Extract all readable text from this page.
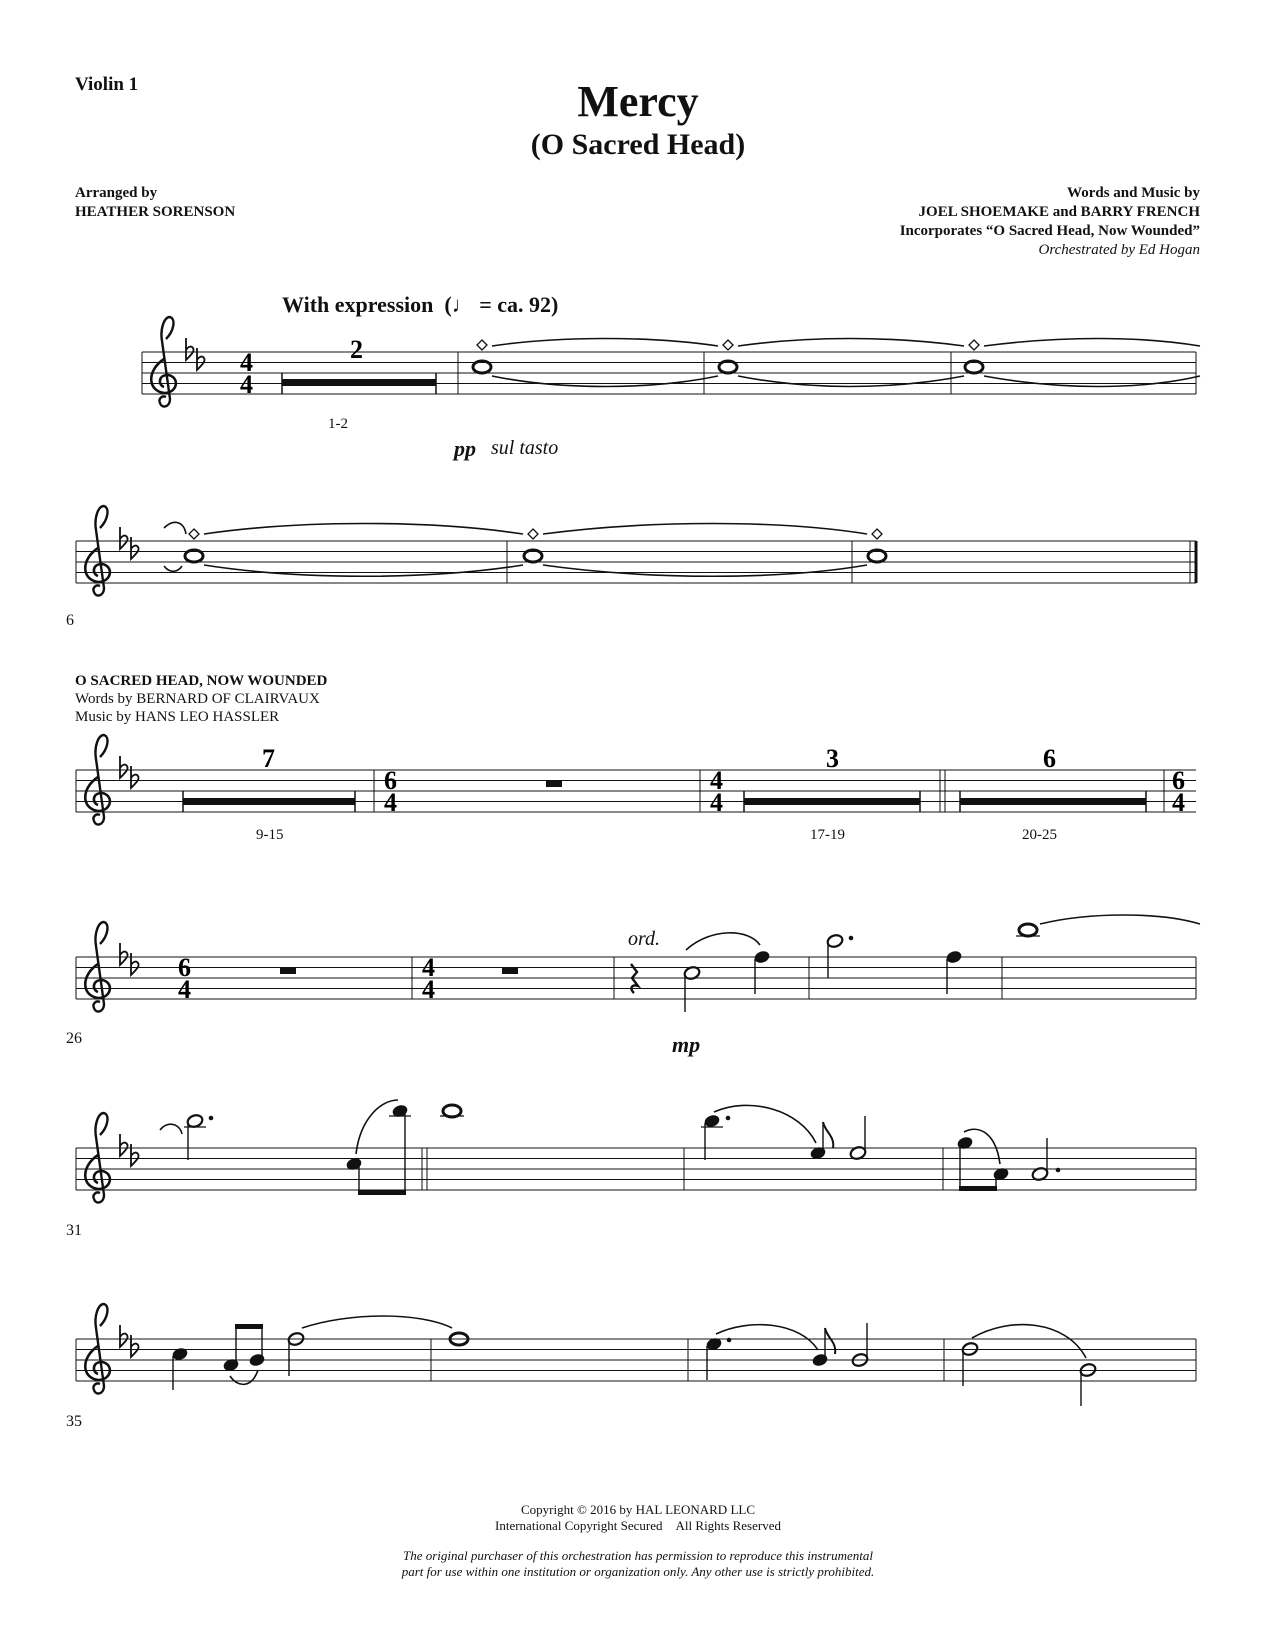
Violin 1	Mercy
(O Sacred Head)
Arranged by
HEATHER SORENSON
Words and Music by
JOEL SHOEMAKE and BARRY FRENCH
Incorporates “O Sacred Head, Now Wounded”
Orchestrated by Ed Hogan
With expression (♩ = ca. 92)
pp sul tasto
1-2
6
O SACRED HEAD, NOW WOUNDED
Words by BERNARD OF CLAIRVAUX
Music by HANS LEO HASSLER
9-15	17-19	20-25
26
ord.
mp
31
35
Copyright © 2016 by HAL LEONARD LLC
International Copyright Secured All Rights Reserved
The original purchaser of this orchestration has permission to reproduce this instrumental
part for use within one institution or organization only. Any other use is strictly prohibited.
4
4
2
7
6
4
4
4
3	6
6
4
6
4
4
4
